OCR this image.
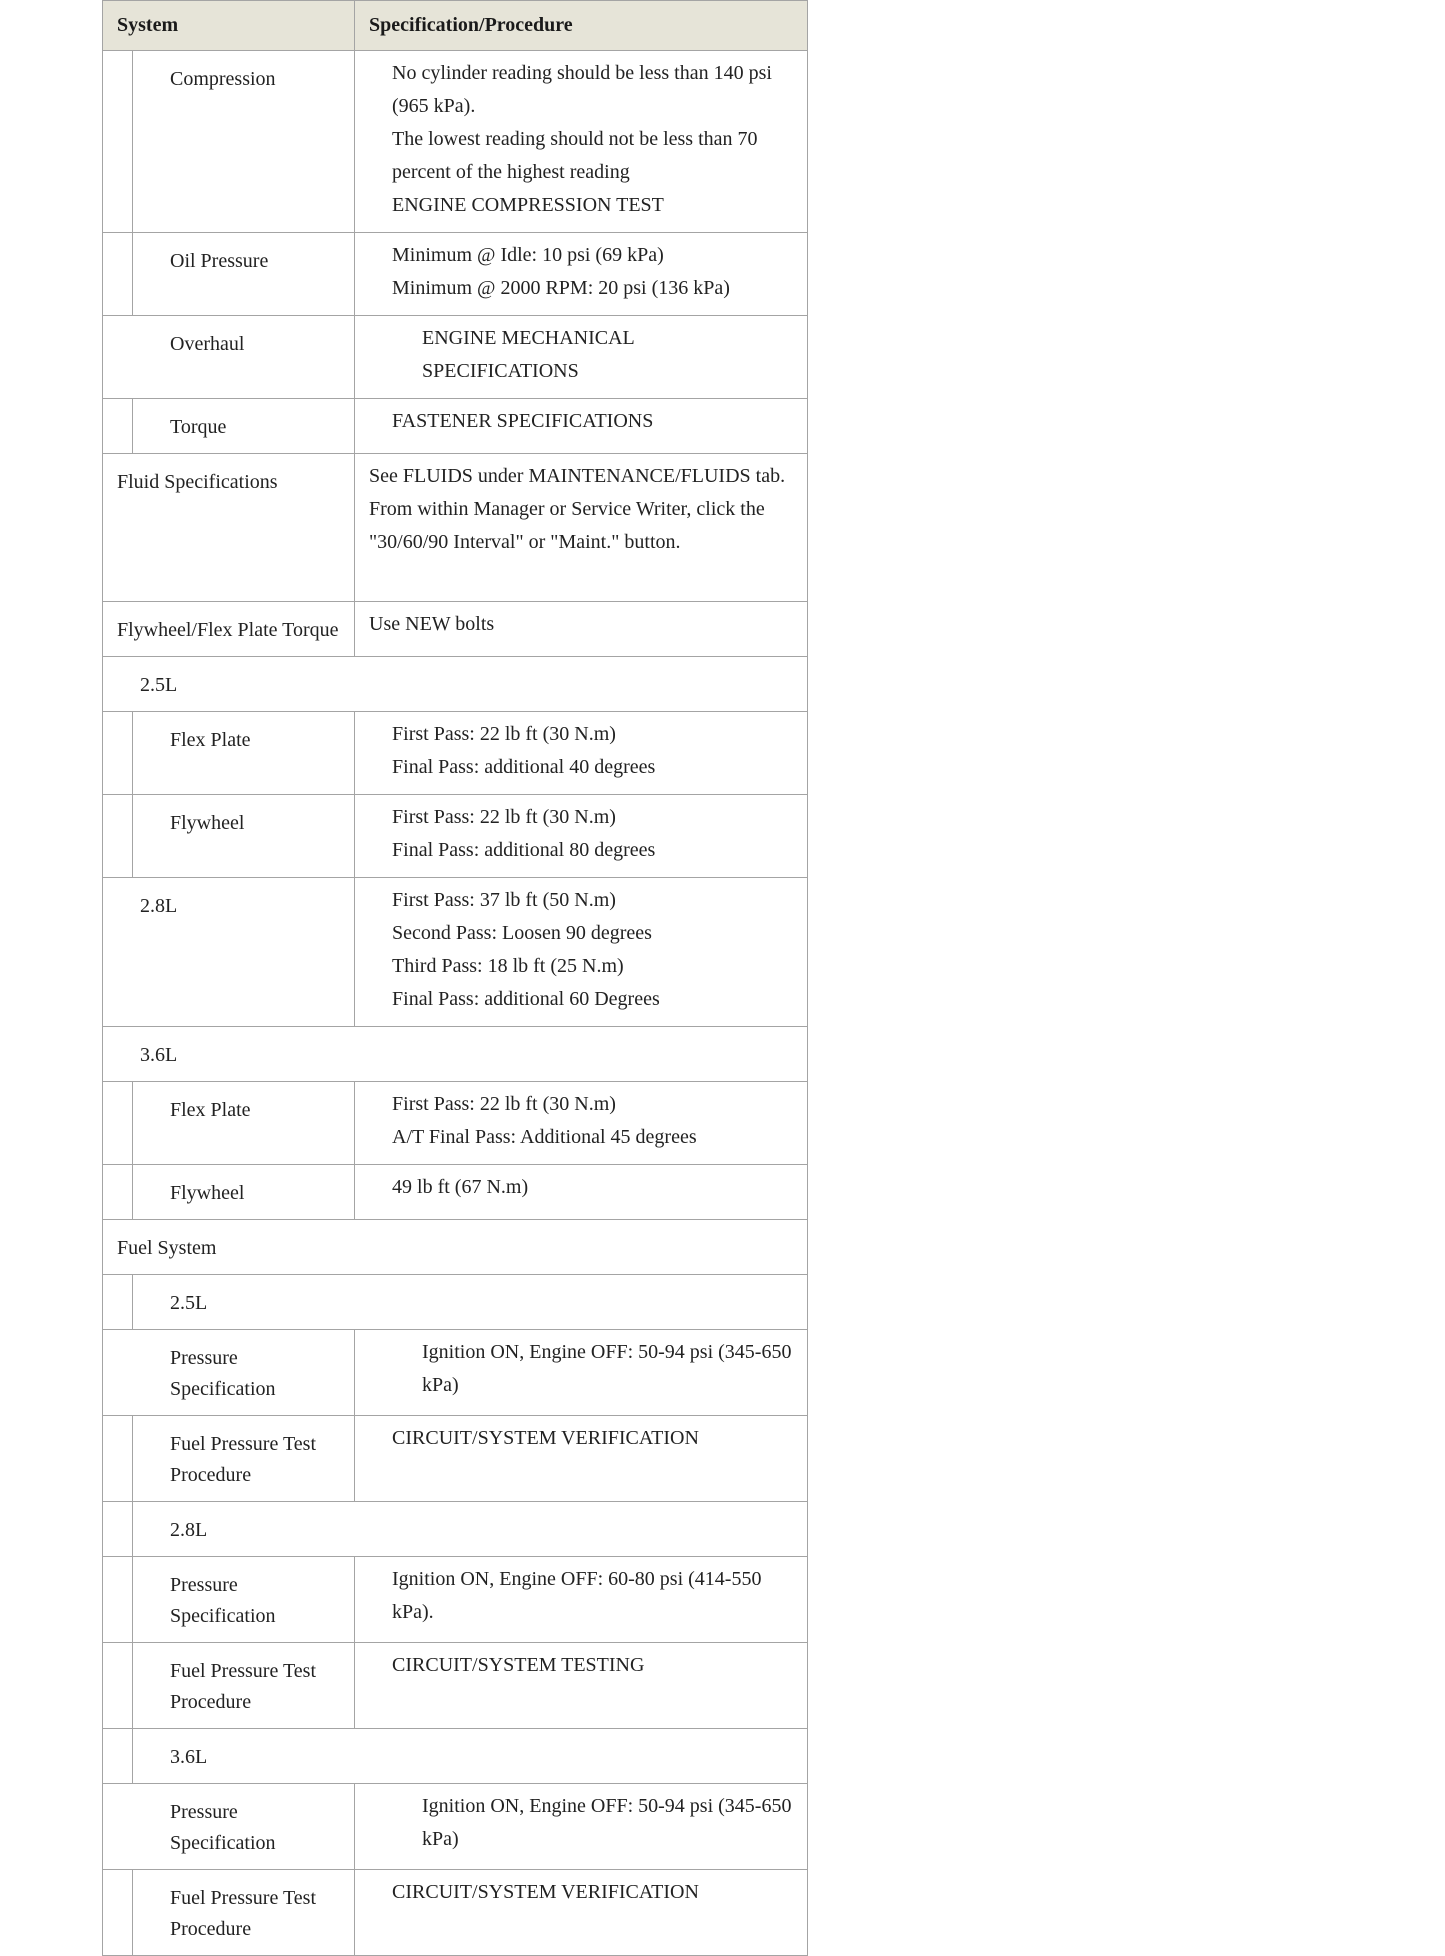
System		Specification/Procedure
	Compression	No cylinder reading should be less than 140 psi (965 kPa).
The lowest reading should not be less than 70 percent of the highest reading
ENGINE COMPRESSION TEST

	Oil Pressure	Minimum @ Idle: 10 psi (69 kPa)
Minimum @ 2000 RPM: 20 psi (136 kPa)

Overhaul		ENGINE MECHANICAL SPECIFICATIONS

	Torque	FASTENER SPECIFICATIONS

Fluid Specifications		See FLUIDS under MAINTENANCE/FLUIDS tab. From within Manager or Service Writer, click the "30/60/90 Interval" or "Maint." button.

Flywheel/Flex Plate Torque		Use NEW bolts

2.5L		
	Flex Plate	First Pass: 22 lb ft (30 N.m)
Final Pass: additional 40 degrees

	Flywheel	First Pass: 22 lb ft (30 N.m)
Final Pass: additional 80 degrees

2.8L		First Pass: 37 lb ft (50 N.m)
Second Pass: Loosen 90 degrees
Third Pass: 18 lb ft (25 N.m)
Final Pass: additional 60 Degrees

3.6L		
	Flex Plate	First Pass: 22 lb ft (30 N.m)
A/T Final Pass: Additional 45 degrees

	Flywheel	49 lb ft (67 N.m)

Fuel System		
	2.5L	
Pressure Specification		Ignition ON, Engine OFF: 50-94 psi (345-650 kPa)

	Fuel Pressure Test Procedure	CIRCUIT/SYSTEM VERIFICATION

	2.8L	
	Pressure Specification	Ignition ON, Engine OFF: 60-80 psi (414-550 kPa).

	Fuel Pressure Test Procedure	CIRCUIT/SYSTEM TESTING

	3.6L	
Pressure Specification		Ignition ON, Engine OFF: 50-94 psi (345-650 kPa)

	Fuel Pressure Test Procedure	CIRCUIT/SYSTEM VERIFICATION
